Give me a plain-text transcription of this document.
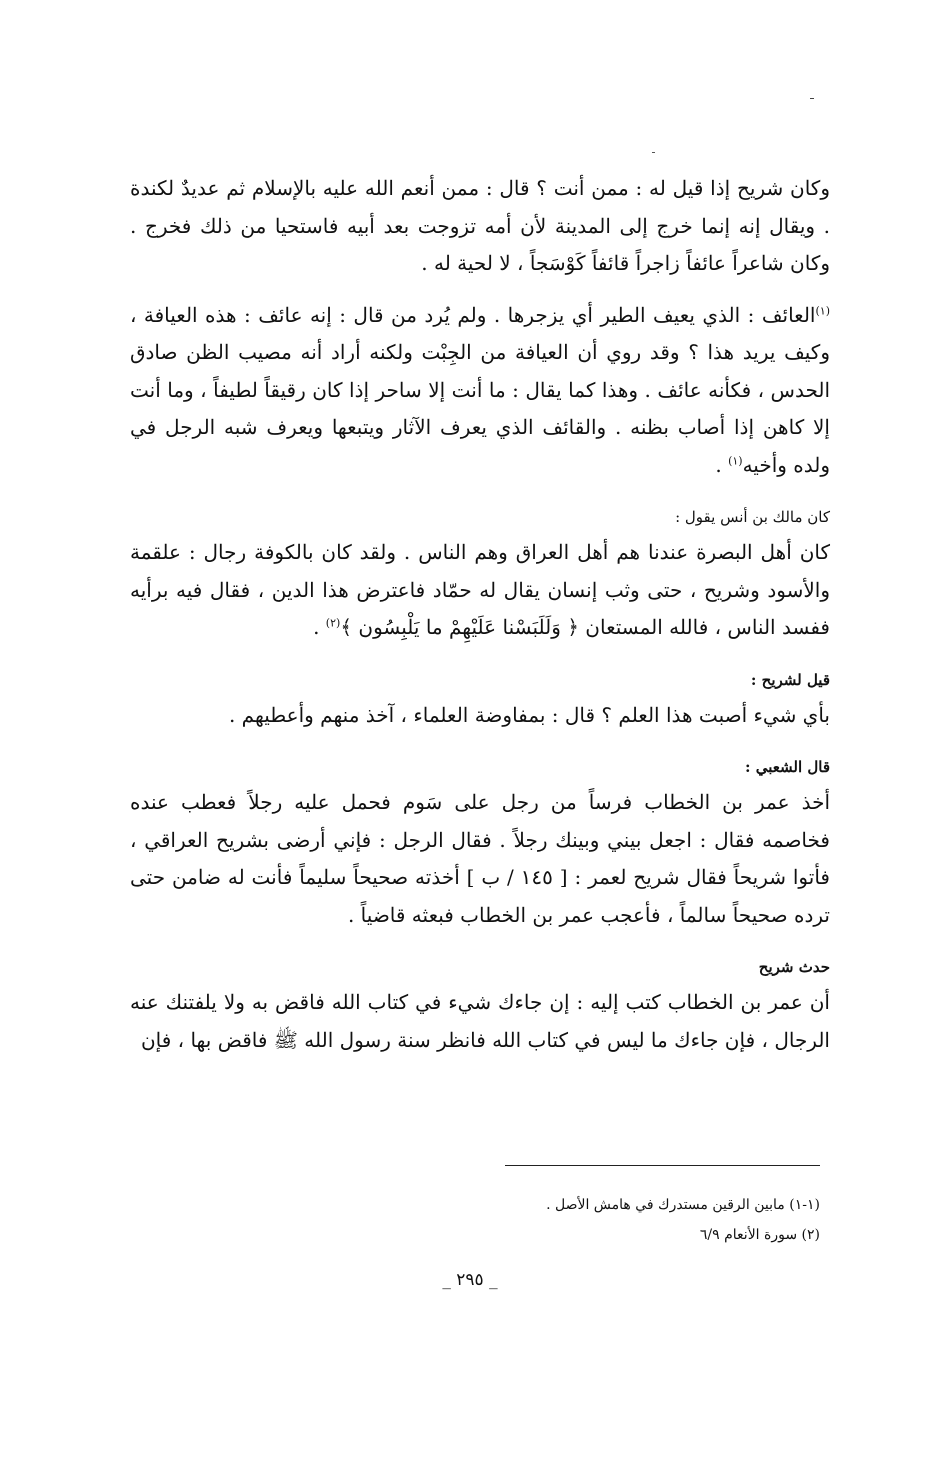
وكان شريح إذا قيل له : ممن أنت ؟ قال : ممن أنعم الله عليه بالإسلام ثم عديدٌ لكندة . ويقال إنه إنما خرج إلى المدينة لأن أمه تزوجت بعد أبيه فاستحيا من ذلك فخرج . وكان شاعراً عائفاً زاجراً قائفاً كَوْسَجاً ، لا لحية له .

$^{(١)}$العائف : الذي يعيف الطير أي يزجرها . ولم يُرد من قال : إنه عائف : هذه العيافة ، وكيف يريد هذا ؟ وقد روي أن العيافة من الجِبْت ولكنه أراد أنه مصيب الظن صادق الحدس ، فكأنه عائف . وهذا كما يقال : ما أنت إلا ساحر إذا كان رقيقاً لطيفاً ، وما أنت إلا كاهن إذا أصاب بظنه . والقائف الذي يعرف الآثار ويتبعها ويعرف شبه الرجل في ولده وأخيه$^{(١)}$ .

كان مالك بن أنس يقول :

كان أهل البصرة عندنا هم أهل العراق وهم الناس . ولقد كان بالكوفة رجال : علقمة والأسود وشريح ، حتى وثب إنسان يقال له حمّاد فاعترض هذا الدين ، فقال فيه برأيه ففسد الناس ، فالله المستعان ﴿ وَلَلَبَسْنا عَلَيْهِمْ ما يَلْبِسُون ﴾$^{(٢)}$ .

قيل لشريح :

بأي شيء أصبت هذا العلم ؟ قال : بمفاوضة العلماء ، آخذ منهم وأعطيهم .

قال الشعبي :

أخذ عمر بن الخطاب فرساً من رجل على سَوم فحمل عليه رجلاً فعطب عنده فخاصمه فقال : اجعل بيني وبينك رجلاً . فقال الرجل : فإني أرضى بشريح العراقي ، فأتوا شريحاً فقال شريح لعمر : [ ١٤٥ / ب ] أخذته صحيحاً سليماً فأنت له ضامن حتى ترده صحيحاً سالماً ، فأعجب عمر بن الخطاب فبعثه قاضياً .

حدث شريح

أن عمر بن الخطاب كتب إليه : إن جاءك شيء في كتاب الله فاقض به ولا يلفتنك عنه الرجال ، فإن جاءك ما ليس في كتاب الله فانظر سنة رسول الله ﷺ فاقض بها ، فإن

(١-١) مابين الرقين مستدرك في هامش الأصل .
(٢) سورة الأنعام ٦/٩
_ ٢٩٥ _
